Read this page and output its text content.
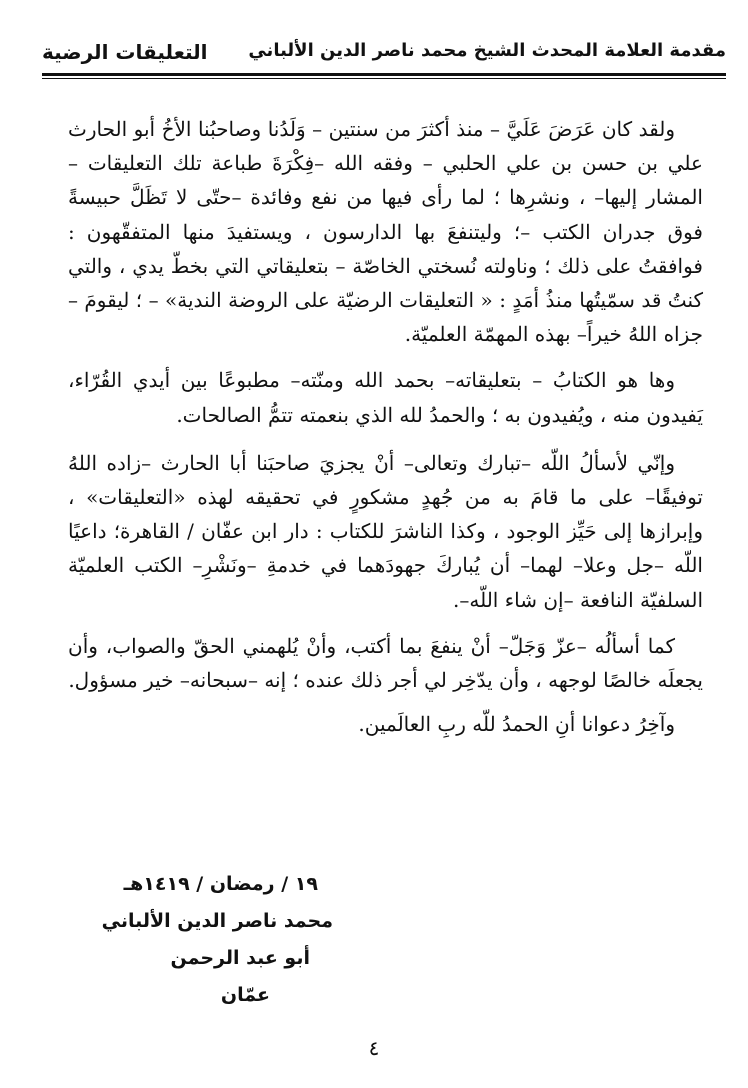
مقدمة العلامة المحدث الشيخ محمد ناصر الدين الألباني
التعليقات الرضية

ولقد كان عَرَضَ عَلَيَّ – منذ أكثرَ من سنتين – وَلَدُنا وصاحبُنا الأخُ أبو الحارث علي بن حسن بن علي الحلبي – وفقه الله –فِكْرَةَ طباعة تلك التعليقات –المشار إليها– ، ونشرِها ؛ لما رأى فيها من نفع وفائدة –حتّى لا تَظَلَّ حبيسةً فوق جدران الكتب –؛ وليتنفعَ بها الدارسون ، ويستفيدَ منها المتفقّهون : فوافقتُ على ذلك ؛ وناولته نُسختي الخاصّة – بتعليقاتي التي بخطّ يدي ، والتي كنتُ قد سمّيتُها منذُ أمَدٍ : « التعليقات الرضيّة على الروضة الندية» – ؛ ليقومَ –جزاه اللهُ خيراً– بهذه المهمّة العلميّة.

وها هو الكتابُ – بتعليقاته– بحمد الله ومنّته– مطبوعًا بين أيدي القُرّاء، يَفيدون منه ، ويُفيدون به ؛ والحمدُ لله الذي بنعمته تتمُّ الصالحات.

وإنّي لأسألُ اللّه –تبارك وتعالى– أنْ يجزيَ صاحبَنا أبا الحارث –زاده اللهُ توفيقًا– على ما قامَ به من جُهدٍ مشكورٍ في تحقيقه لهذه «التعليقات» ، وإبرازها إلى حَيِّز الوجود ، وكذا الناشرَ للكتاب : دار ابن عفّان / القاهرة؛ داعيًا اللّه –جل وعلا– لهما– أن يُباركَ جهودَهما في خدمةِ –ونَشْرِ– الكتب العلميّة السلفيّة النافعة –إن شاء اللّه–.

كما أسألُه –عزّ وَجَلّ– أنْ ينفعَ بما أكتب، وأنْ يُلهمني الحقّ والصواب، وأن يجعلَه خالصًا لوجهه ، وأن يدّخِر لي أجر ذلك عنده ؛ إنه –سبحانه– خير مسؤول.

وآخِرُ دعوانا أنِ الحمدُ للّه ربِ العالَمين.

١٩ / رمضان / ١٤١٩هـ
محمد ناصر الدين الألباني
أبو عبد الرحمن
عمّان
٤
